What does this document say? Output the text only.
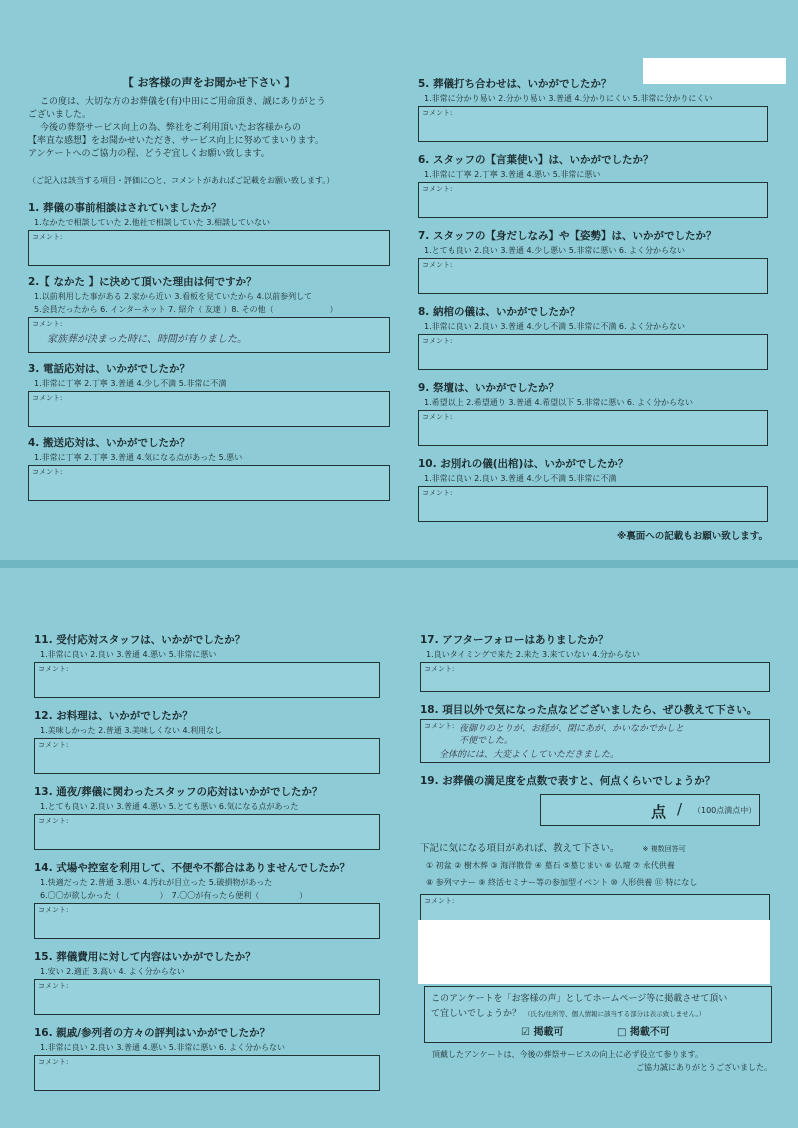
【 お客様の声をお聞かせ下さい 】

この度は、大切な方のお葬儀を(有)中田にご用命頂き、誠にありがとう

ございました。

今後の葬祭サービス向上の為、弊社をご利用頂いたお客様からの

【率直な感想】をお聞かせいただき、サービス向上に努めてまいります。

アンケートへのご協力の程、どうぞ宜しくお願い致します。

（ご記入は該当する項目・評価に○と、コメントがあればご記載をお願い致します。）

1. 葬儀の事前相談はされていましたか？

1.なかたで相談していた 2.他社で相談していた 3.相談していない

コメント:

2.【 なかた 】に決めて頂いた理由は何ですか？

1.以前利用した事がある 2.家から近い 3.看板を見ていたから 4.以前参列して

5.会員だったから 6. インターネット 7. 紹介（ 友達 ）8. その他（　　　　　　　）

コメント:
家族葬が決まった時に、時間が有りました。

3. 電話応対は、いかがでしたか？

1.非常に丁寧 2.丁寧 3.普通 4.少し不満 5.非常に不満

コメント:

4. 搬送応対は、いかがでしたか？

1.非常に丁寧 2.丁寧 3.普通 4.気になる点があった 5.悪い

コメント:

5. 葬儀打ち合わせは、いかがでしたか？

1.非常に分かり易い 2.分かり易い 3.普通 4.分かりにくい 5.非常に分かりにくい

コメント:

6. スタッフの【言葉使い】は、いかがでしたか？

1.非常に丁寧 2.丁寧 3.普通 4.悪い 5.非常に悪い

コメント:

7. スタッフの【身だしなみ】や【姿勢】は、いかがでしたか？

1.とても良い 2.良い 3.普通 4.少し悪い 5.非常に悪い 6. よく分からない

コメント:

8. 納棺の儀は、いかがでしたか？

1.非常に良い 2.良い 3.普通 4.少し不満 5.非常に不満 6. よく分からない

コメント:

9. 祭壇は、いかがでしたか？

1.希望以上 2.希望通り 3.普通 4.希望以下 5.非常に悪い 6. よく分からない

コメント:

10. お別れの儀(出棺)は、いかがでしたか？

1.非常に良い 2.良い 3.普通 4.少し不満 5.非常に不満

コメント:

※裏面への記載もお願い致します。

11. 受付応対スタッフは、いかがでしたか？

1.非常に良い 2.良い 3.普通 4.悪い 5.非常に悪い

コメント:

12. お料理は、いかがでしたか？

1.美味しかった 2.普通 3.美味しくない 4.利用なし

コメント:

13. 通夜/葬儀に関わったスタッフの応対はいかがでしたか？

1.とても良い 2.良い 3.普通 4.悪い 5.とても悪い 6.気になる点があった

コメント:

14. 式場や控室を利用して、不便や不都合はありませんでしたか？

1.快適だった 2.普通 3.悪い 4.汚れが目立った 5.破損物があった

6.〇〇が欲しかった（　　　　　）　7.〇〇が有ったら便利（　　　　　）

コメント:

15. 葬儀費用に対して内容はいかがでしたか？

1.安い 2.適正 3.高い 4. よく分からない

コメント:

16. 親戚/参列者の方々の評判はいかがでしたか？

1.非常に良い 2.良い 3.普通 4.悪い 5.非常に悪い 6. よく分からない

コメント:

17. アフターフォローはありましたか？

1.良いタイミングで来た 2.来た 3.来ていない 4.分からない

コメント:

18. 項目以外で気になった点などございましたら、ぜひ教えて下さい。

コメント: 夜御りのとりが、お経が、閉にあが、かいなかでかしと
不便でした。
全体的には、大変よくしていただきました。

19. お葬儀の満足度を点数で表すと、何点くらいでしょうか？

点 / （100点満点中）

下記に気になる項目があれば、教えて下さい。	※ 複数回答可

① 初盆 ② 樹木葬 ③ 海洋散骨 ④ 墓石 ⑤墓じまい ⑥ 仏壇 ⑦ 永代供養

⑧ 参列マナー ⑨ 終活セミナー等の参加型イベント ⑩ 人形供養 ⑪ 特になし

コメント:

このアンケートを「お客様の声」としてホームページ等に掲載させて頂い

て宜しいでしょうか？ （氏名/住所等、個人情報に該当する部分は表示致しません。）

☑ 掲載可	□ 掲載不可

頂戴したアンケートは、今後の葬祭サービスの向上に必ず役立て参ります。

ご協力誠にありがとうございました。
